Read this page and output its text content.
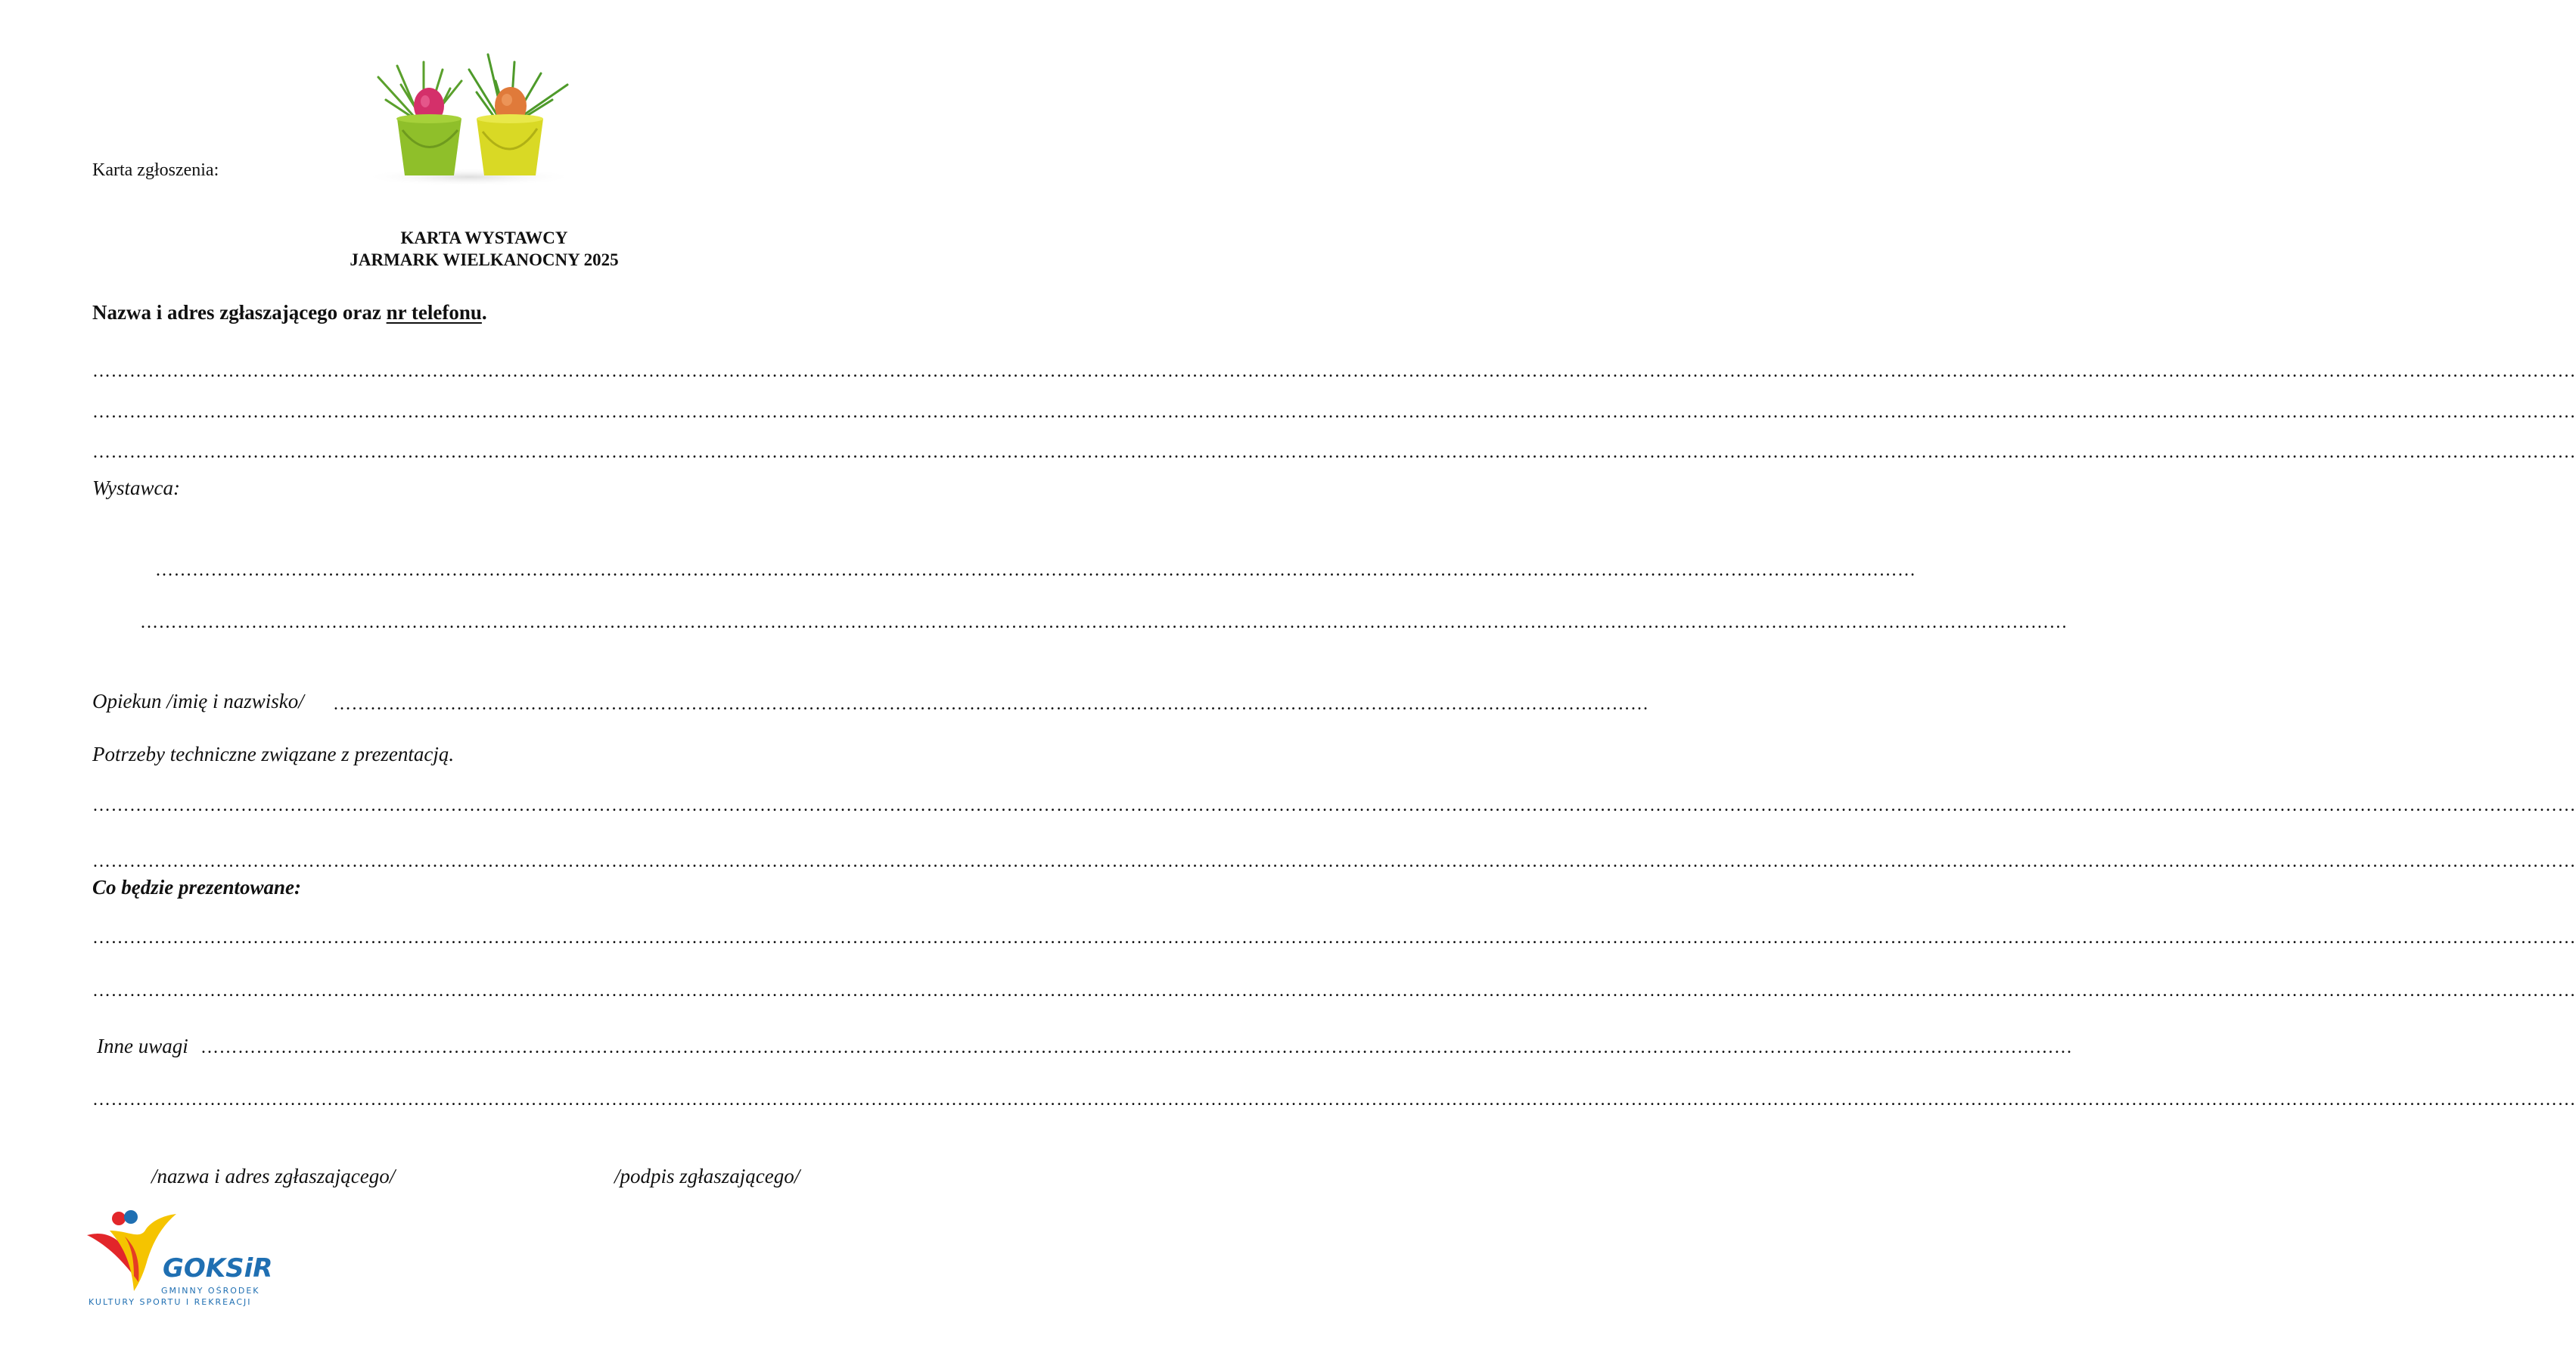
Karta zgłoszenia:
KARTA WYSTAWCY
JARMARK WIELKANOCNY 2025
Nazwa i adres zgłaszającego oraz nr telefonu.
……………………………………………………………………………………………………………………………………………………………………………………………………………………………………………………………………………………………………………………………………………………………………
……………………………………………………………………………………………………………………………………………………………………………………………………………………………………………………………………………………………………………………………………………………………………
……………………………………………………………………………………………………………………………………………………………………………………………………………………………………………………………………………………………………………………………………………………………………
Wystawca:
……………………………………………………………………………………………………………………………………………………………………………………………………………………………………………………………
……………………………………………………………………………………………………………………………………………………………………………………………………………………………………………………………………………………
Opiekun /imię i nazwisko/	……………………………………………………………………………………………………………………………………………………………………………………………
Potrzeby techniczne związane z prezentacją.
……………………………………………………………………………………………………………………………………………………………………………………………………………………………………………………………………………………………………………………………………………………………………
……………………………………………………………………………………………………………………………………………………………………………………………………………………………………………………………………………………………………………………………………………………………………
Co będzie prezentowane:
……………………………………………………………………………………………………………………………………………………………………………………………………………………………………………………………………………………………………………………………………………………………………
……………………………………………………………………………………………………………………………………………………………………………………………………………………………………………………………………………………………………………………………………………………………………
Inne uwagi ……………………………………………………………………………………………………………………………………………………………………………………………………………………………………………………………………………
……………………………………………………………………………………………………………………………………………………………………………………………………………………………………………………………………………………………………………………………………………………………………
/nazwa i adres zgłaszającego/	/podpis zgłaszającego/
GOKSiR
GMINNY OŚRODEK
KULTURY SPORTU I REKREACJI
